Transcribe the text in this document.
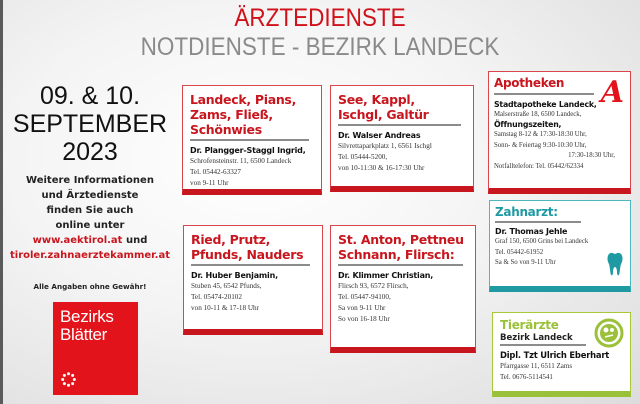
ÄRZTEDIENSTE
NOTDIENSTE - BEZIRK LANDECK
09. & 10.
SEPTEMBER
2023
Weitere Informationen
und Ärztedienste
finden Sie auch
online unter
www.aektirol.at und
tiroler.zahnaerztekammer.at
Alle Angaben ohne Gewähr!
Bezirks
Blätter
Landeck, Pians, Zams, Fließ, Schönwies
Dr. Plangger-Staggl Ingrid,
Schrofensteinstr. 11, 6500 Landeck
Tel. 05442-63327
von 9-11 Uhr
See, Kappl, Ischgl, Galtür
Dr. Walser Andreas
Silvrettaparkplatz 1, 6561 Ischgl
Tel. 05444-5200,
von 10-11:30 & 16-17:30 Uhr
Ried, Prutz, Pfunds, Nauders
Dr. Huber Benjamin,
Stuben 45, 6542 Pfunds,
Tel. 05474-20102
von 10-11 & 17-18 Uhr
St. Anton, Pettneu Schnann, Flirsch:
Dr. Klimmer Christian,
Flirsch 93, 6572 Flirsch,
Tel. 05447-94100,
Sa von 9-11 Uhr
So von 16-18 Uhr
Apotheken	A
Stadtapotheke Landeck,
Malserstraße 18, 6500 Landeck,
Öffnungszeiten,
Samstag 8-12 & 17:30-18:30 Uhr,
Sonn- & Feiertag 9:30-10:30 Uhr,
17:30-18:30 Uhr,
Notfalltelefon: Tel. 05442/62334
Zahnarzt:
Dr. Thomas Jehle
Graf 150, 6500 Grins bei Landeck
Tel. 05442-61952
Sa & So von 9-11 Uhr
Tierärzte
Bezirk Landeck
Dipl. Tzt Ulrich Eberhart
Pfarrgasse 11, 6511 Zams
Tel. 0676-5114541
